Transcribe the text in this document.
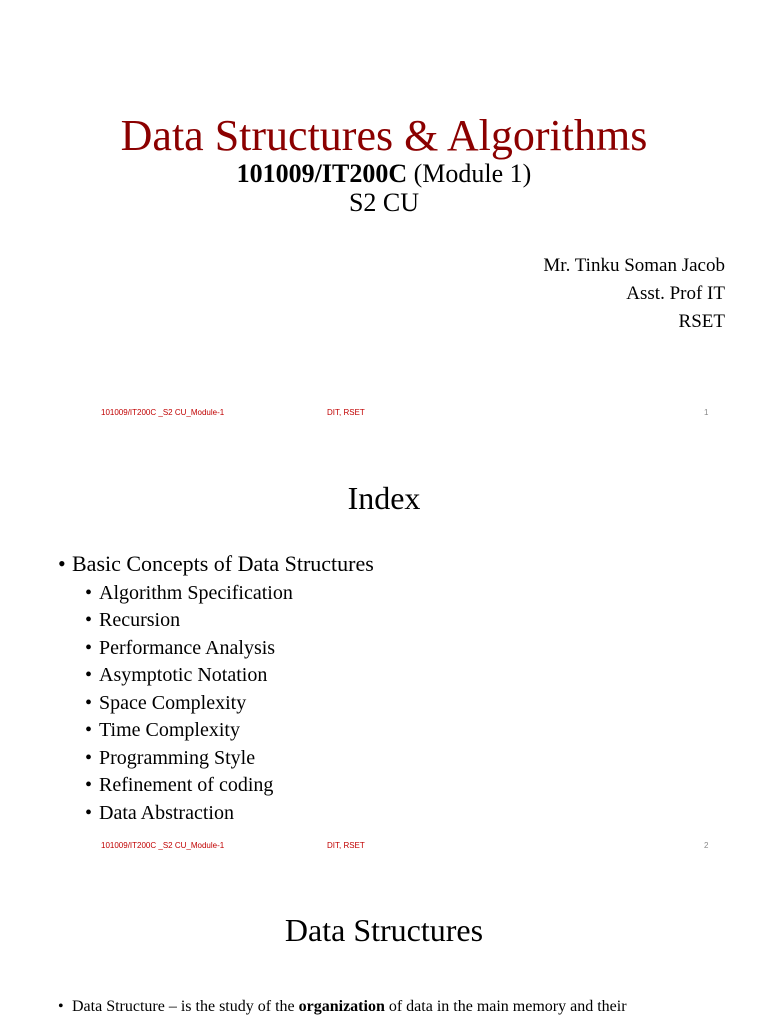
Data Structures & Algorithms
101009/IT200C (Module 1)
S2 CU
Mr. Tinku Soman Jacob
Asst. Prof IT
RSET
101009/IT200C _S2 CU_Module-1	DIT, RSET	1
Index
• Basic Concepts of Data Structures
• Algorithm Specification
• Recursion
• Performance Analysis
• Asymptotic Notation
• Space Complexity
• Time Complexity
• Programming Style
• Refinement of coding
• Data Abstraction
101009/IT200C _S2 CU_Module-1	DIT, RSET	2
Data Structures
• Data Structure – is the study of the organization of data in the main memory and their
